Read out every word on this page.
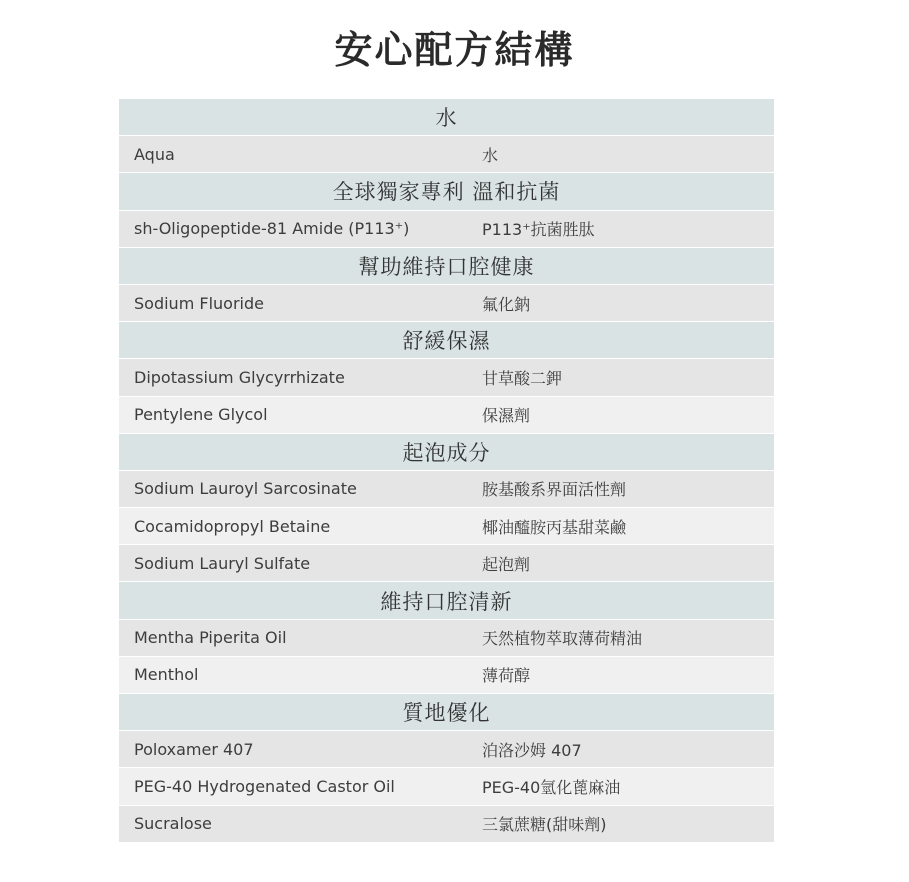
安心配方結構
水
Aqua	水
全球獨家專利 溫和抗菌
sh-Oligopeptide-81 Amide (P113⁺)	P113⁺抗菌胜肽
幫助維持口腔健康
Sodium Fluoride	氟化鈉
舒緩保濕
Dipotassium Glycyrrhizate	甘草酸二鉀
Pentylene Glycol	保濕劑
起泡成分
Sodium Lauroyl Sarcosinate	胺基酸系界面活性劑
Cocamidopropyl Betaine	椰油醯胺丙基甜菜鹼
Sodium Lauryl Sulfate	起泡劑
維持口腔清新
Mentha Piperita Oil	天然植物萃取薄荷精油
Menthol	薄荷醇
質地優化
Poloxamer 407	泊洛沙姆 407
PEG-40 Hydrogenated Castor Oil	PEG-40氫化蓖麻油
Sucralose	三氯蔗糖(甜味劑)
